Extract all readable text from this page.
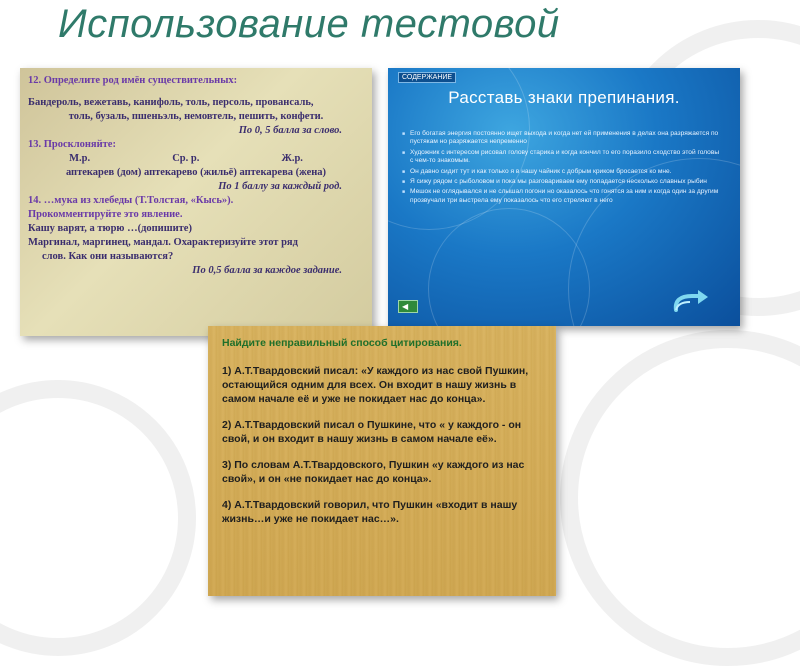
Использование тестовой
12. Определите род имён существительных:
Бандероль, вежетавь, канифоль, толь, персоль, провансаль,
толь, бузаль, пшеньэль, немовтель, пешить, конфети.
По 0, 5 балла за слово.
13. Просклоняйте:
М.р.	Ср. р.	Ж.р.
аптекарев (дом) аптекарево (жильё) аптекарева (жена)
По 1 баллу за каждый род.
14. …мука из хлебеды (Т.Толстая, «Кысь»).
Прокомментируйте это явление.
Кашу варят, а тюрю …(допишите)
Маргинал, маргинец, мандал. Охарактеризуйте этот ряд
слов. Как они называются?
По 0,5 балла за каждое задание.
СОДЕРЖАНИЕ
Расставь знаки препинания.
■ Его богатая энергия постоянно ищет выхода и когда нет ей применения в делах она разряжается по пустякам но разряжается непременно
■ Художник с интересом рисовал голову старика и когда кончил то его поразило сходство этой головы с чем-то знакомым.
■ Он давно сидит тут и как только я в нашу чайник с добрым криком бросается ко мне.
■ Я сижу рядом с рыболовом и пока мы разговариваем ему попадается несколько славных рыбин
■ Мешок не оглядывался и не слышал погони но оказалось что гонятся за ним и когда один за другим прозвучали три выстрела ему показалось что его стреляют в него
◀
Найдите неправильный способ цитирования.
1) А.Т.Твардовский писал: «У каждого из нас свой Пушкин, остающийся одним для всех. Он входит в нашу жизнь в самом начале её и уже не покидает нас до конца».
2) А.Т.Твардовский писал о Пушкине, что « у каждого - он свой, и он входит в нашу жизнь в самом начале её».
3) По словам А.Т.Твардовского, Пушкин «у каждого из нас свой», и он «не покидает нас до конца».
4) А.Т.Твардовский говорил, что Пушкин «входит в нашу жизнь…и уже не покидает нас…».
